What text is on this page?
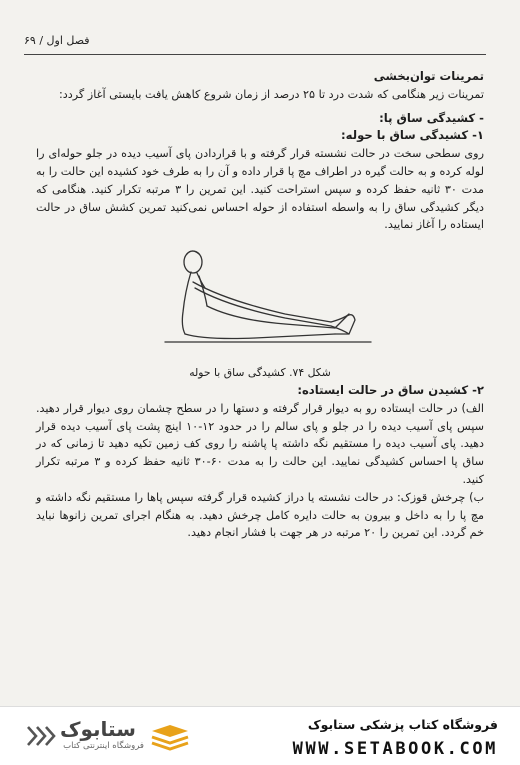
فصل اول / ۶۹

تمرینات توان‌بخشی

تمرینات زیر هنگامی که شدت درد تا ۲۵ درصد از زمان شروع کاهش یافت بایستی آغاز گردد:

- کشیدگی ساق پا:

۱- کشیدگی ساق با حوله:

روی سطحی سخت در حالت نشسته قرار گرفته و با قراردادن پای آسیب دیده در جلو حوله‌ای را لوله کرده و به حالت گیره در اطراف مچ پا قرار داده و آن را به طرف خود کشیده این حالت را به مدت ۳۰ ثانیه حفظ کرده و سپس استراحت کنید. این تمرین را ۳ مرتبه تکرار کنید. هنگامی که دیگر کشیدگی ساق را به واسطه استفاده از حوله احساس نمی‌کنید تمرین کشش ساق در حالت ایستاده را آغاز نمایید.

شکل ۷۴. کشیدگی ساق با حوله

۲- کشیدن ساق در حالت ایستاده:

الف) در حالت ایستاده رو به دیوار قرار گرفته و دستها را در سطح چشمان روی دیوار قرار دهید. سپس پای آسیب دیده را در جلو و پای سالم را در حدود ۱۲-۱۰ اینچ پشت پای آسیب دیده قرار دهید. پای آسیب دیده را مستقیم نگه داشته پا پاشنه را روی کف زمین تکیه دهید تا زمانی که در ساق پا احساس کشیدگی نمایید. این حالت را به مدت ۶۰-۳۰ ثانیه حفظ کرده و ۳ مرتبه تکرار کنید.

ب) چرخش قوزک: در حالت نشسته یا دراز کشیده قرار گرفته سپس پاها را مستقیم نگه داشته و مچ پا را به داخل و بیرون به حالت دایره کامل چرخش دهید. به هنگام اجرای تمرین زانوها نباید خم گردد. این تمرین را ۲۰ مرتبه در هر جهت با فشار انجام دهید.

ستابوک
فروشگاه اینترنتی کتاب
فروشگاه کتاب پزشکی ستابوک
WWW.SETABOOK.COM
